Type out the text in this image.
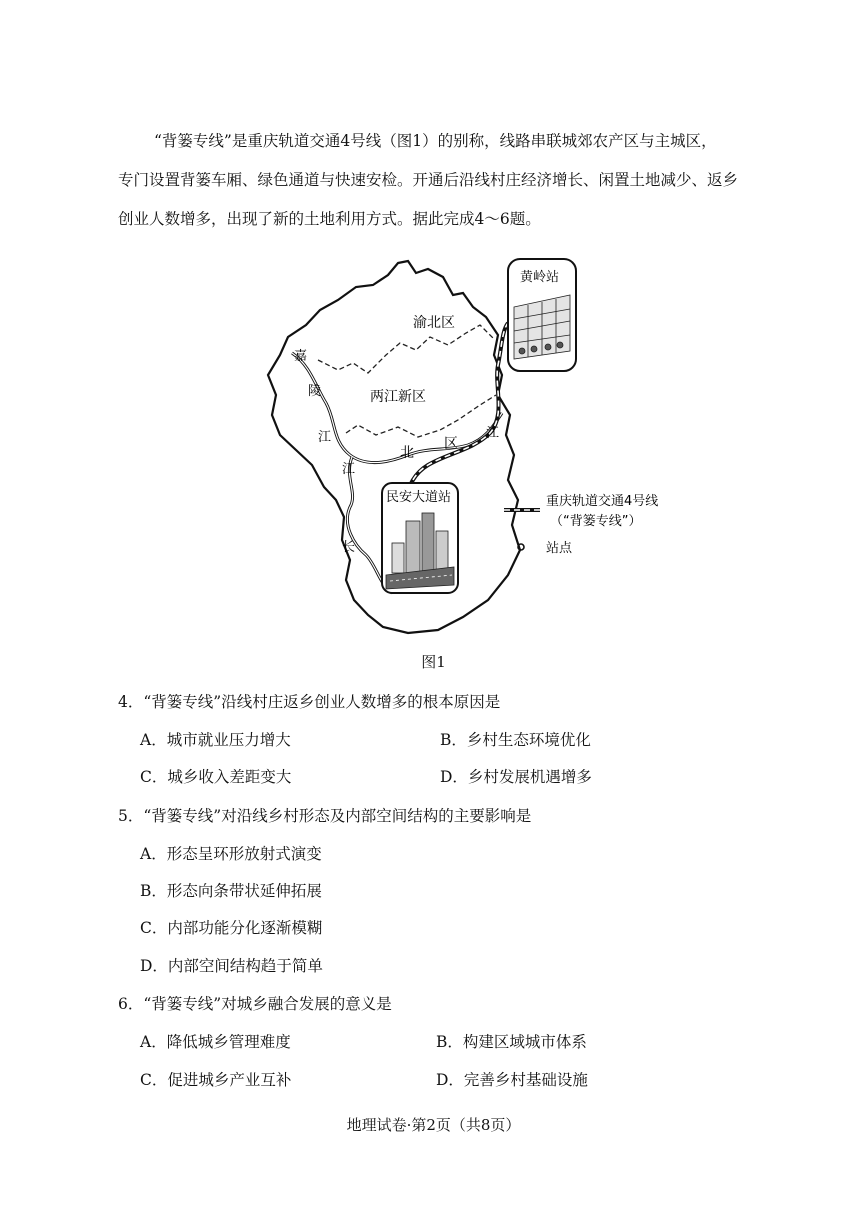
“背篓专线”是重庆轨道交通4号线（图1）的别称，线路串联城郊农产区与主城区，

专门设置背篓车厢、绿色通道与快速安检。开通后沿线村庄经济增长、闲置土地减少、返乡

创业人数增多，出现了新的土地利用方式。据此完成4～6题。

渝北区
两江新区
嘉
陵
江
江
江
北
区
长
黄岭站
民安大道站	重庆轨道交通4号线
（“背篓专线”）
站点
图1
4．“背篓专线”沿线村庄返乡创业人数增多的根本原因是
A．城市就业压力增大	B．乡村生态环境优化
C．城乡收入差距变大	D．乡村发展机遇增多
5．“背篓专线”对沿线乡村形态及内部空间结构的主要影响是
A．形态呈环形放射式演变
B．形态向条带状延伸拓展
C．内部功能分化逐渐模糊
D．内部空间结构趋于简单
6．“背篓专线”对城乡融合发展的意义是
A．降低城乡管理难度	B．构建区域城市体系
C．促进城乡产业互补	D．完善乡村基础设施
地理试卷·第2页（共8页）
